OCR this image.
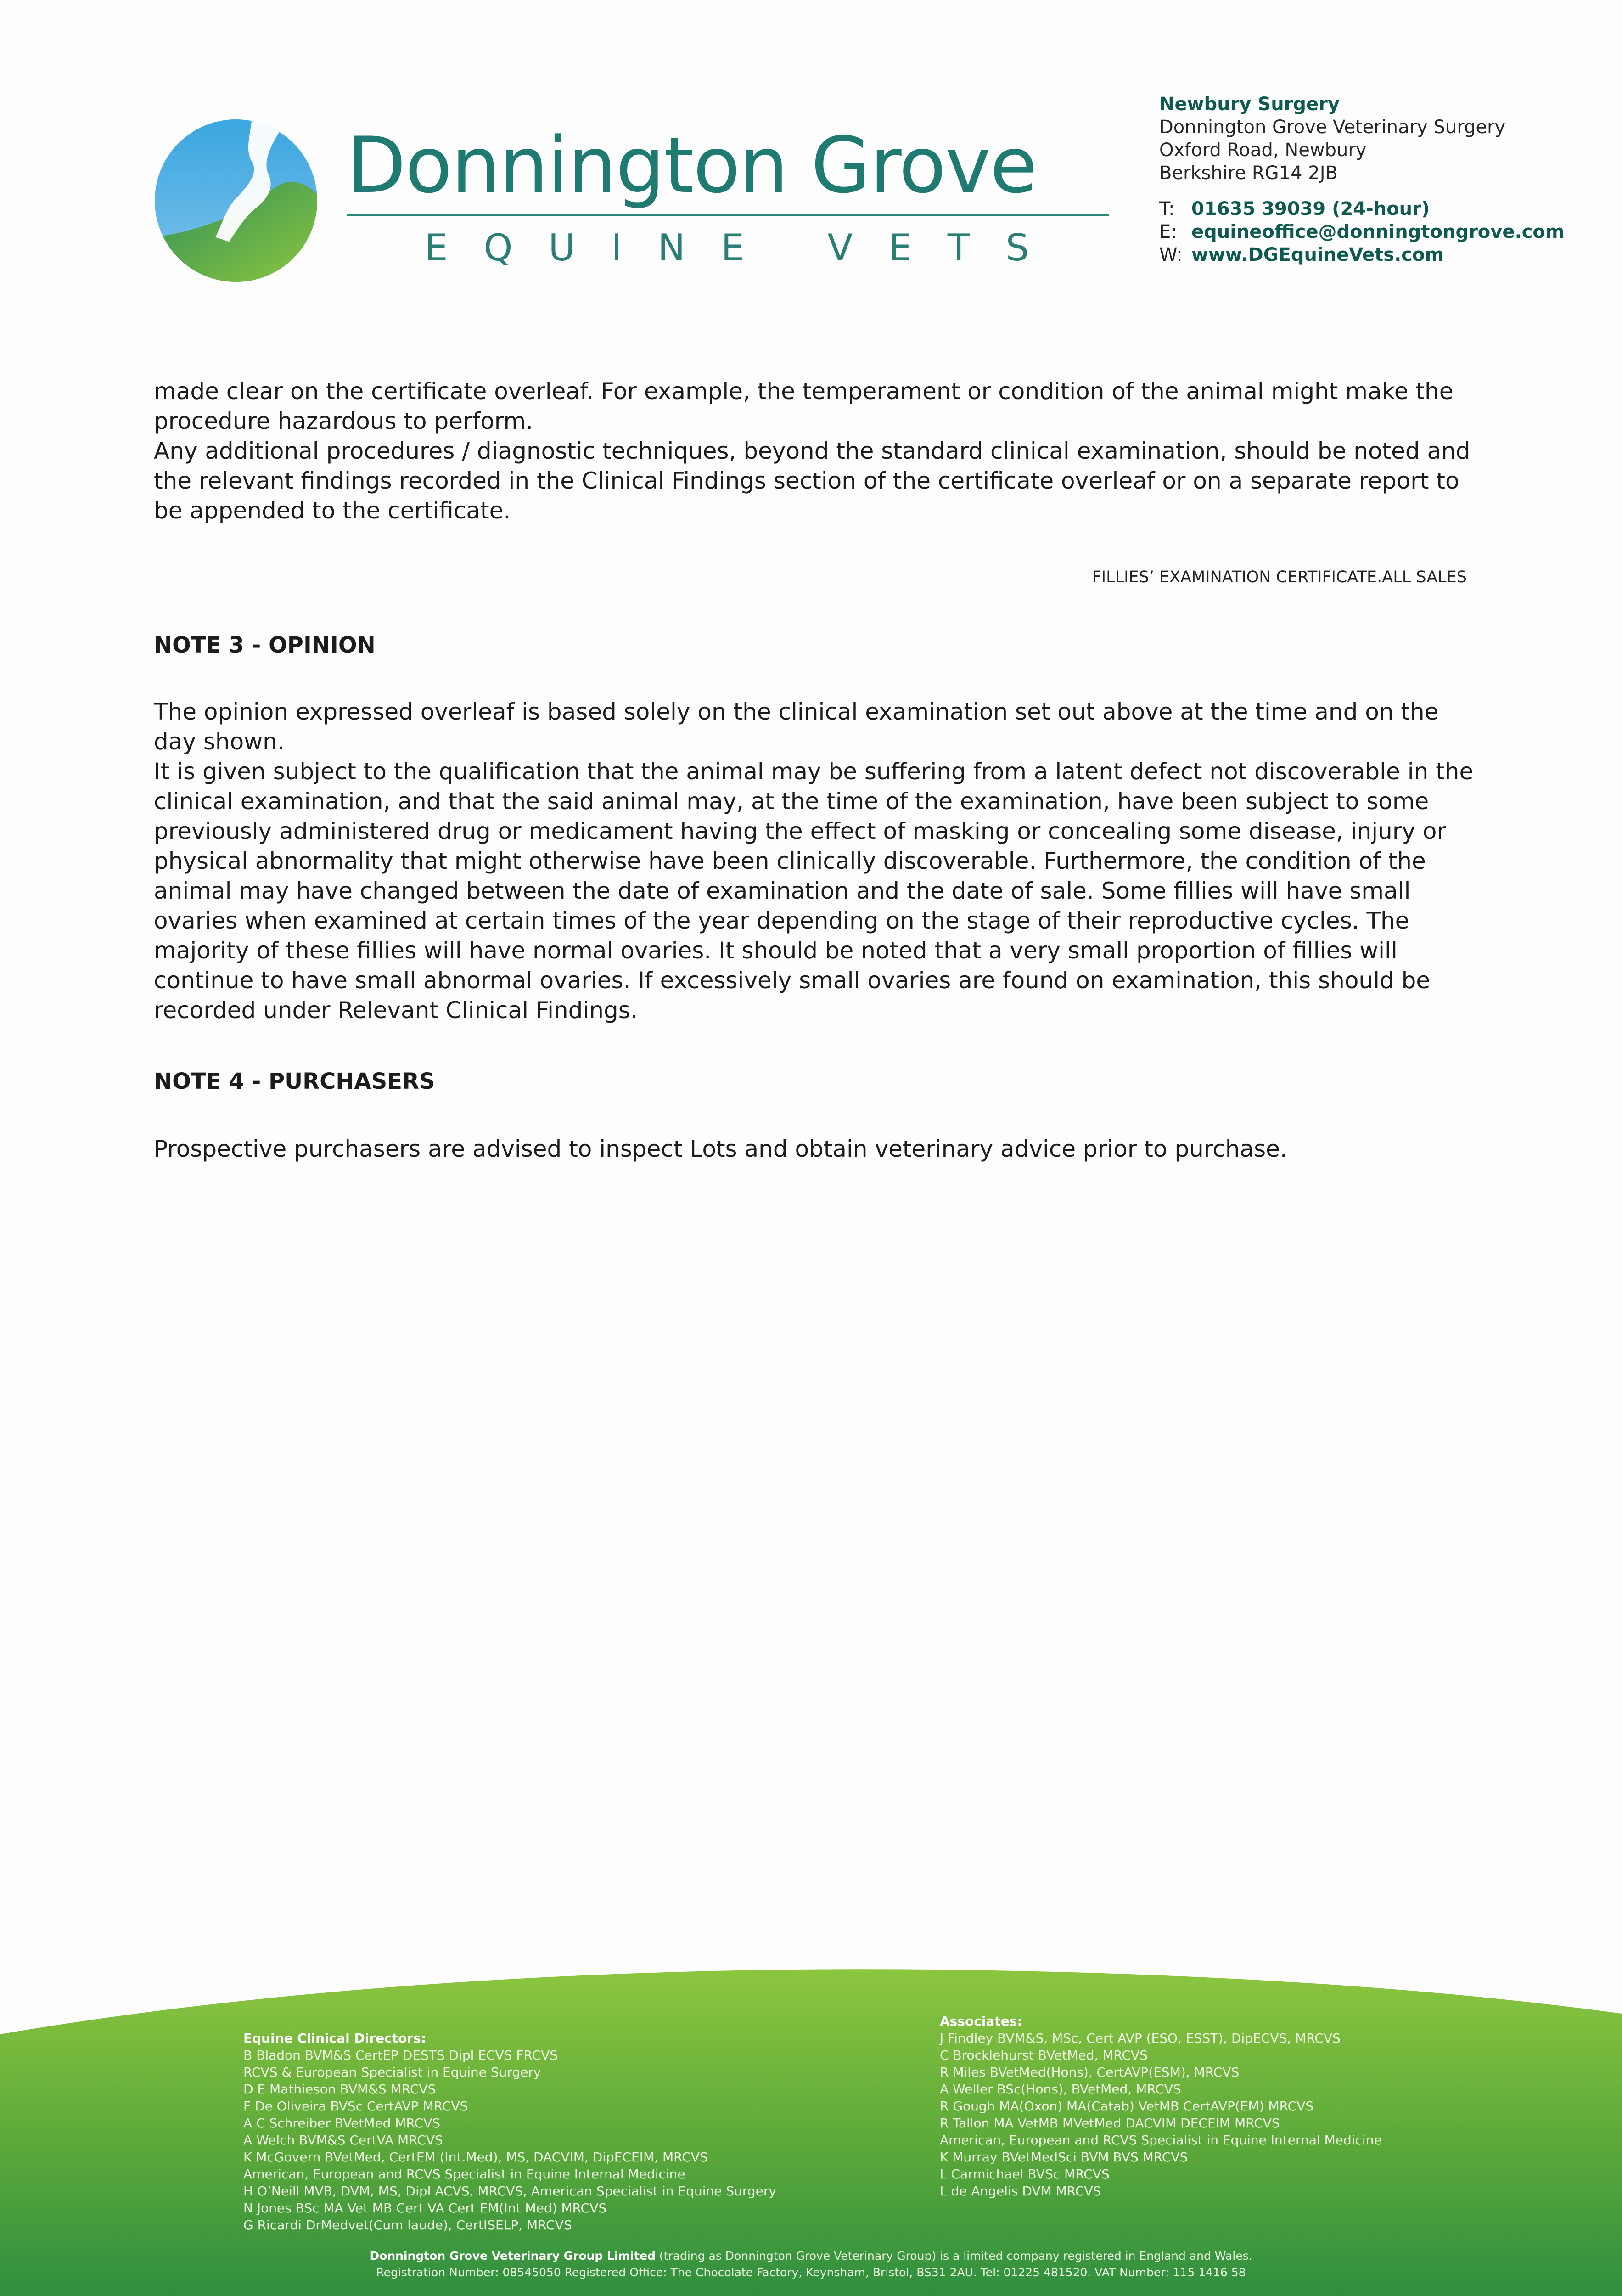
Donnington Grove
EQUINE VETS
Newbury Surgery
Donnington Grove Veterinary Surgery
Oxford Road, Newbury
Berkshire RG14 2JB
T: 01635 39039 (24-hour)
E: equineoffice@donningtongrove.com
W: www.DGEquineVets.com

made clear on the certificate overleaf. For example, the temperament or condition of the animal might make the procedure hazardous to perform.

Any additional procedures / diagnostic techniques, beyond the standard clinical examination, should be noted and the relevant findings recorded in the Clinical Findings section of the certificate overleaf or on a separate report to be appended to the certificate.

FILLIES’ EXAMINATION CERTIFICATE.ALL SALES
NOTE 3 - OPINION

The opinion expressed overleaf is based solely on the clinical examination set out above at the time and on the day shown.

It is given subject to the qualification that the animal may be suffering from a latent defect not discoverable in the clinical examination, and that the said animal may, at the time of the examination, have been subject to some previously administered drug or medicament having the effect of masking or concealing some disease, injury or physical abnormality that might otherwise have been clinically discoverable. Furthermore, the condition of the animal may have changed between the date of examination and the date of sale. Some fillies will have small ovaries when examined at certain times of the year depending on the stage of their reproductive cycles. The majority of these fillies will have normal ovaries. It should be noted that a very small proportion of fillies will continue to have small abnormal ovaries. If excessively small ovaries are found on examination, this should be recorded under Relevant Clinical Findings.

NOTE 4 - PURCHASERS

Prospective purchasers are advised to inspect Lots and obtain veterinary advice prior to purchase.

Equine Clinical Directors:
B Bladon BVM&S CertEP DESTS Dipl ECVS FRCVS
RCVS & European Specialist in Equine Surgery
D E Mathieson BVM&S MRCVS
F De Oliveira BVSc CertAVP MRCVS
A C Schreiber BVetMed MRCVS
A Welch BVM&S CertVA MRCVS
K McGovern BVetMed, CertEM (Int.Med), MS, DACVIM, DipECEIM, MRCVS
American, European and RCVS Specialist in Equine Internal Medicine
H O’Neill MVB, DVM, MS, Dipl ACVS, MRCVS, American Specialist in Equine Surgery
N Jones BSc MA Vet MB Cert VA Cert EM(Int Med) MRCVS
G Ricardi DrMedvet(Cum laude), CertISELP, MRCVS
Associates:
J Findley BVM&S, MSc, Cert AVP (ESO, ESST), DipECVS, MRCVS
C Brocklehurst BVetMed, MRCVS
R Miles BVetMed(Hons), CertAVP(ESM), MRCVS
A Weller BSc(Hons), BVetMed, MRCVS
R Gough MA(Oxon) MA(Catab) VetMB CertAVP(EM) MRCVS
R Tallon MA VetMB MVetMed DACVIM DECEIM MRCVS
American, European and RCVS Specialist in Equine Internal Medicine
K Murray BVetMedSci BVM BVS MRCVS
L Carmichael BVSc MRCVS
L de Angelis DVM MRCVS
Donnington Grove Veterinary Group Limited (trading as Donnington Grove Veterinary Group) is a limited company registered in England and Wales.
Registration Number: 08545050 Registered Office: The Chocolate Factory, Keynsham, Bristol, BS31 2AU. Tel: 01225 481520. VAT Number: 115 1416 58
